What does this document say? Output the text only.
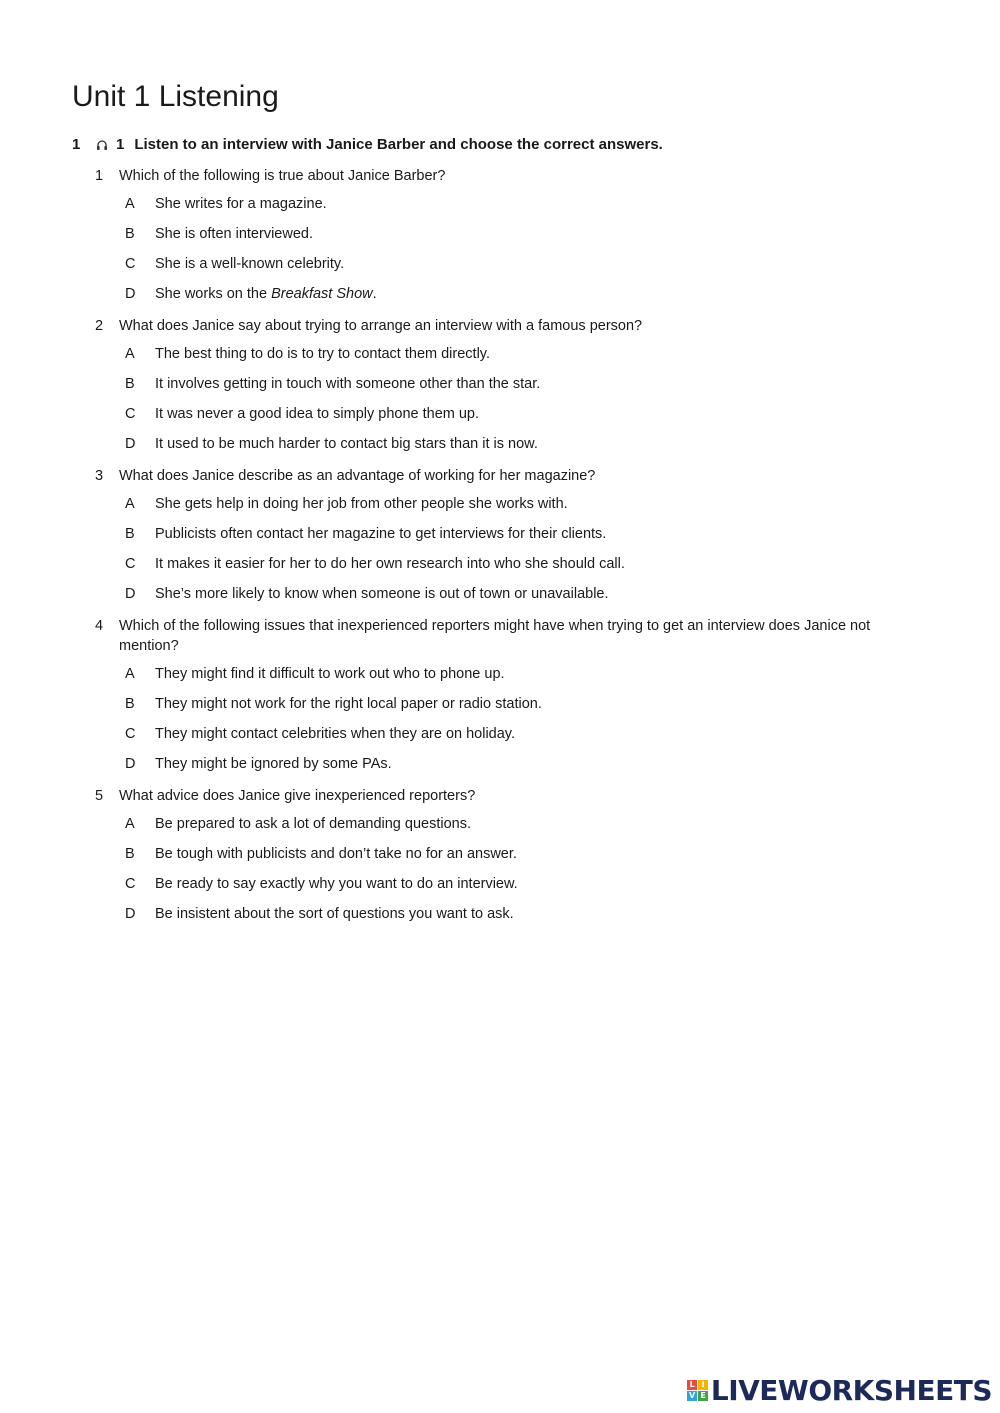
Unit 1 Listening
1	1 Listen to an interview with Janice Barber and choose the correct answers.
1	Which of the following is true about Janice Barber?
A	She writes for a magazine.
B	She is often interviewed.
C	She is a well-known celebrity.
D	She works on the Breakfast Show.
2	What does Janice say about trying to arrange an interview with a famous person?
A	The best thing to do is to try to contact them directly.
B	It involves getting in touch with someone other than the star.
C	It was never a good idea to simply phone them up.
D	It used to be much harder to contact big stars than it is now.
3	What does Janice describe as an advantage of working for her magazine?
A	She gets help in doing her job from other people she works with.
B	Publicists often contact her magazine to get interviews for their clients.
C	It makes it easier for her to do her own research into who she should call.
D	She’s more likely to know when someone is out of town or unavailable.
4	Which of the following issues that inexperienced reporters might have when trying to get an interview does Janice not mention?
A	They might find it difficult to work out who to phone up.
B	They might not work for the right local paper or radio station.
C	They might contact celebrities when they are on holiday.
D	They might be ignored by some PAs.
5	What advice does Janice give inexperienced reporters?
A	Be prepared to ask a lot of demanding questions.
B	Be tough with publicists and don’t take no for an answer.
C	Be ready to say exactly why you want to do an interview.
D	Be insistent about the sort of questions you want to ask.
L I
V E LIVEWORKSHEETS
